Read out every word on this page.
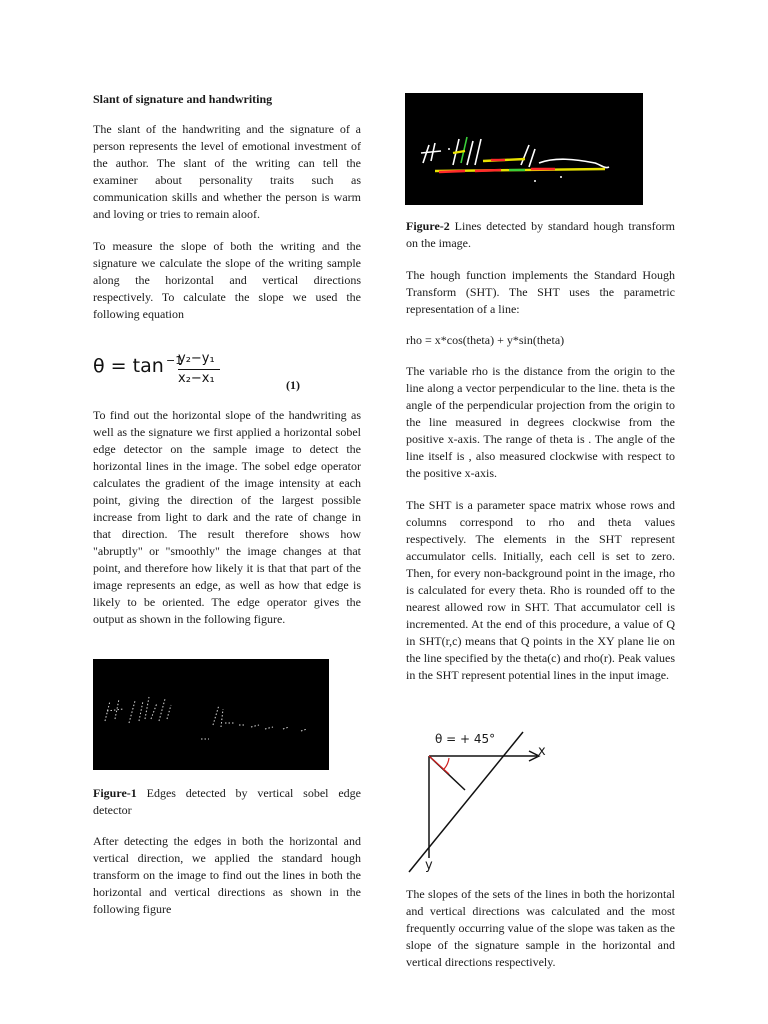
Slant of signature and handwriting

The slant of the handwriting and the signature of a person represents the level of emotional investment of the author. The slant of the writing can tell the examiner about personality traits such as communication skills and whether the person is warm and loving or tries to remain aloof.

To measure the slope of both the writing and the signature we calculate the slope of the writing sample along the horizontal and vertical directions respectively. To calculate the slope we used the following equation

θ = tan −1
y₂−y₁
x₂−x₁	(1)

To find out the horizontal slope of the handwriting as well as the signature we first applied a horizontal sobel edge detector on the sample image to detect the horizontal lines in the image. The sobel edge operator calculates the gradient of the image intensity at each point, giving the direction of the largest possible increase from light to dark and the rate of change in that direction. The result therefore shows how "abruptly" or "smoothly" the image changes at that point, and therefore how likely it is that that part of the image represents an edge, as well as how that edge is likely to be oriented. The edge operator gives the output as shown in the following figure.

Figure-1 Edges detected by vertical sobel edge detector

After detecting the edges in both the horizontal and vertical direction, we applied the standard hough transform on the image to find out the lines in both the horizontal and vertical directions as shown in the following figure

Figure-2 Lines detected by standard hough transform on the image.

The hough function implements the Standard Hough Transform (SHT). The SHT uses the parametric representation of a line:

rho = x*cos(theta) + y*sin(theta)

The variable rho is the distance from the origin to the line along a vector perpendicular to the line. theta is the angle of the perpendicular projection from the origin to the line measured in degrees clockwise from the positive x-axis. The range of theta is . The angle of the line itself is , also measured clockwise with respect to the positive x-axis.

The SHT is a parameter space matrix whose rows and columns correspond to rho and theta values respectively. The elements in the SHT represent accumulator cells. Initially, each cell is set to zero. Then, for every non-background point in the image, rho is calculated for every theta. Rho is rounded off to the nearest allowed row in SHT. That accumulator cell is incremented. At the end of this procedure, a value of Q in SHT(r,c) means that Q points in the XY plane lie on the line specified by the theta(c) and rho(r). Peak values in the SHT represent potential lines in the input image.

θ = + 45°
x
y

The slopes of the sets of the lines in both the horizontal and vertical directions was calculated and the most frequently occurring value of the slope was taken as the slope of the signature sample in the horizontal and vertical directions respectively.
